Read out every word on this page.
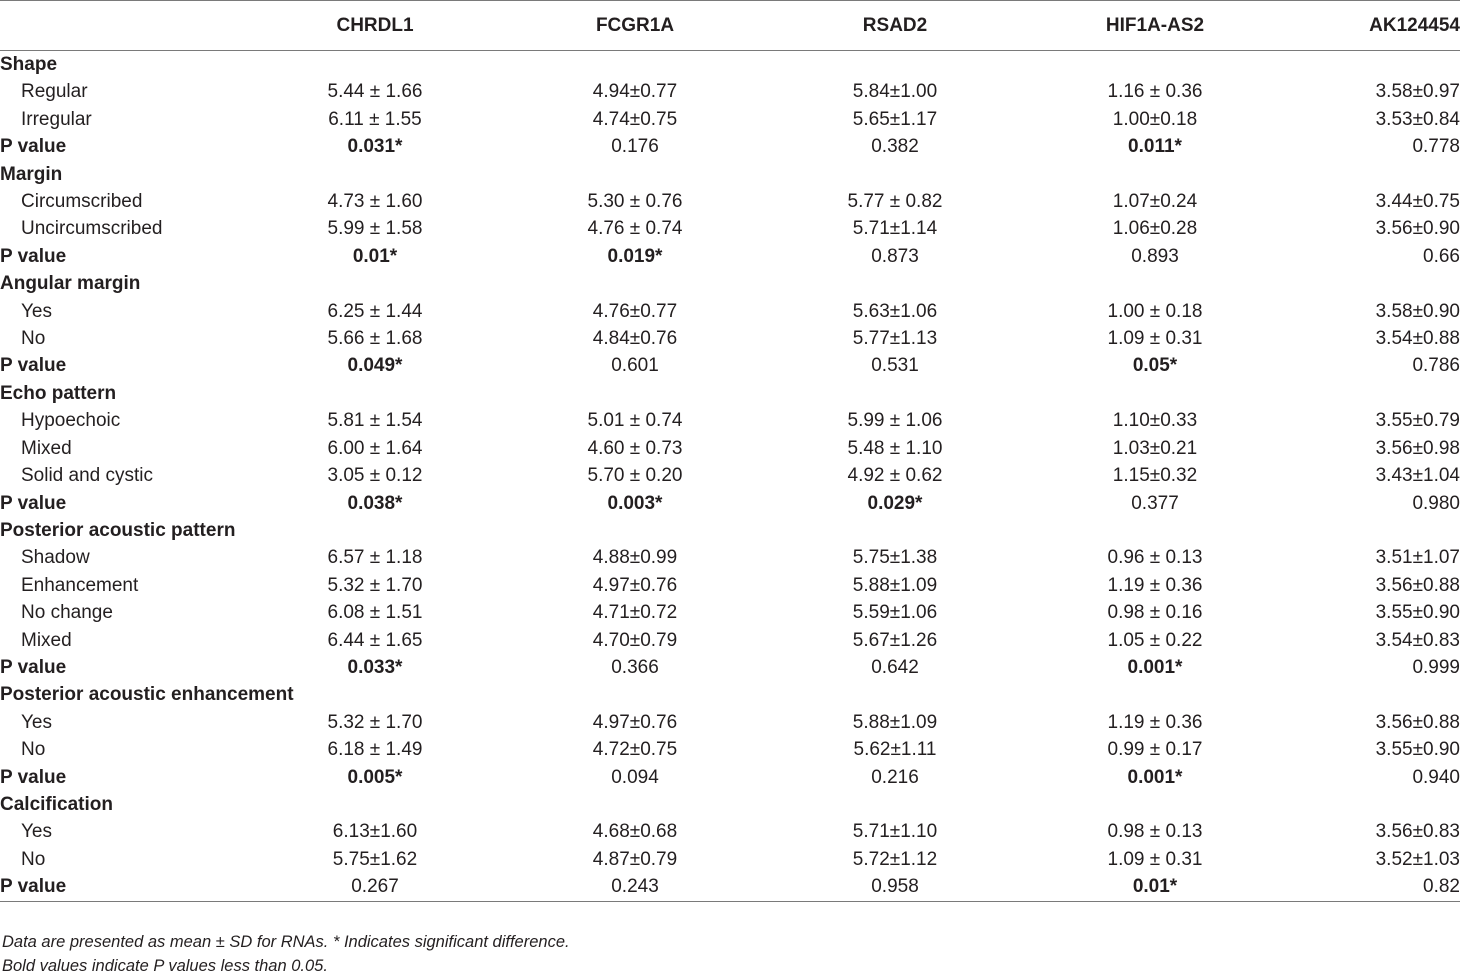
	CHRDL1	FCGR1A	RSAD2	HIF1A-AS2	AK124454
Shape					
Regular	5.44 ± 1.66	4.94±0.77	5.84±1.00	1.16 ± 0.36	3.58±0.97
Irregular	6.11 ± 1.55	4.74±0.75	5.65±1.17	1.00±0.18	3.53±0.84
P value	0.031*	0.176	0.382	0.011*	0.778
Margin					
Circumscribed	4.73 ± 1.60	5.30 ± 0.76	5.77 ± 0.82	1.07±0.24	3.44±0.75
Uncircumscribed	5.99 ± 1.58	4.76 ± 0.74	5.71±1.14	1.06±0.28	3.56±0.90
P value	0.01*	0.019*	0.873	0.893	0.66
Angular margin					
Yes	6.25 ± 1.44	4.76±0.77	5.63±1.06	1.00 ± 0.18	3.58±0.90
No	5.66 ± 1.68	4.84±0.76	5.77±1.13	1.09 ± 0.31	3.54±0.88
P value	0.049*	0.601	0.531	0.05*	0.786
Echo pattern					
Hypoechoic	5.81 ± 1.54	5.01 ± 0.74	5.99 ± 1.06	1.10±0.33	3.55±0.79
Mixed	6.00 ± 1.64	4.60 ± 0.73	5.48 ± 1.10	1.03±0.21	3.56±0.98
Solid and cystic	3.05 ± 0.12	5.70 ± 0.20	4.92 ± 0.62	1.15±0.32	3.43±1.04
P value	0.038*	0.003*	0.029*	0.377	0.980
Posterior acoustic pattern					
Shadow	6.57 ± 1.18	4.88±0.99	5.75±1.38	0.96 ± 0.13	3.51±1.07
Enhancement	5.32 ± 1.70	4.97±0.76	5.88±1.09	1.19 ± 0.36	3.56±0.88
No change	6.08 ± 1.51	4.71±0.72	5.59±1.06	0.98 ± 0.16	3.55±0.90
Mixed	6.44 ± 1.65	4.70±0.79	5.67±1.26	1.05 ± 0.22	3.54±0.83
P value	0.033*	0.366	0.642	0.001*	0.999
Posterior acoustic enhancement					
Yes	5.32 ± 1.70	4.97±0.76	5.88±1.09	1.19 ± 0.36	3.56±0.88
No	6.18 ± 1.49	4.72±0.75	5.62±1.11	0.99 ± 0.17	3.55±0.90
P value	0.005*	0.094	0.216	0.001*	0.940
Calcification					
Yes	6.13±1.60	4.68±0.68	5.71±1.10	0.98 ± 0.13	3.56±0.83
No	5.75±1.62	4.87±0.79	5.72±1.12	1.09 ± 0.31	3.52±1.03
P value	0.267	0.243	0.958	0.01*	0.82
Data are presented as mean ± SD for RNAs. * Indicates significant difference.
Bold values indicate P values less than 0.05.
